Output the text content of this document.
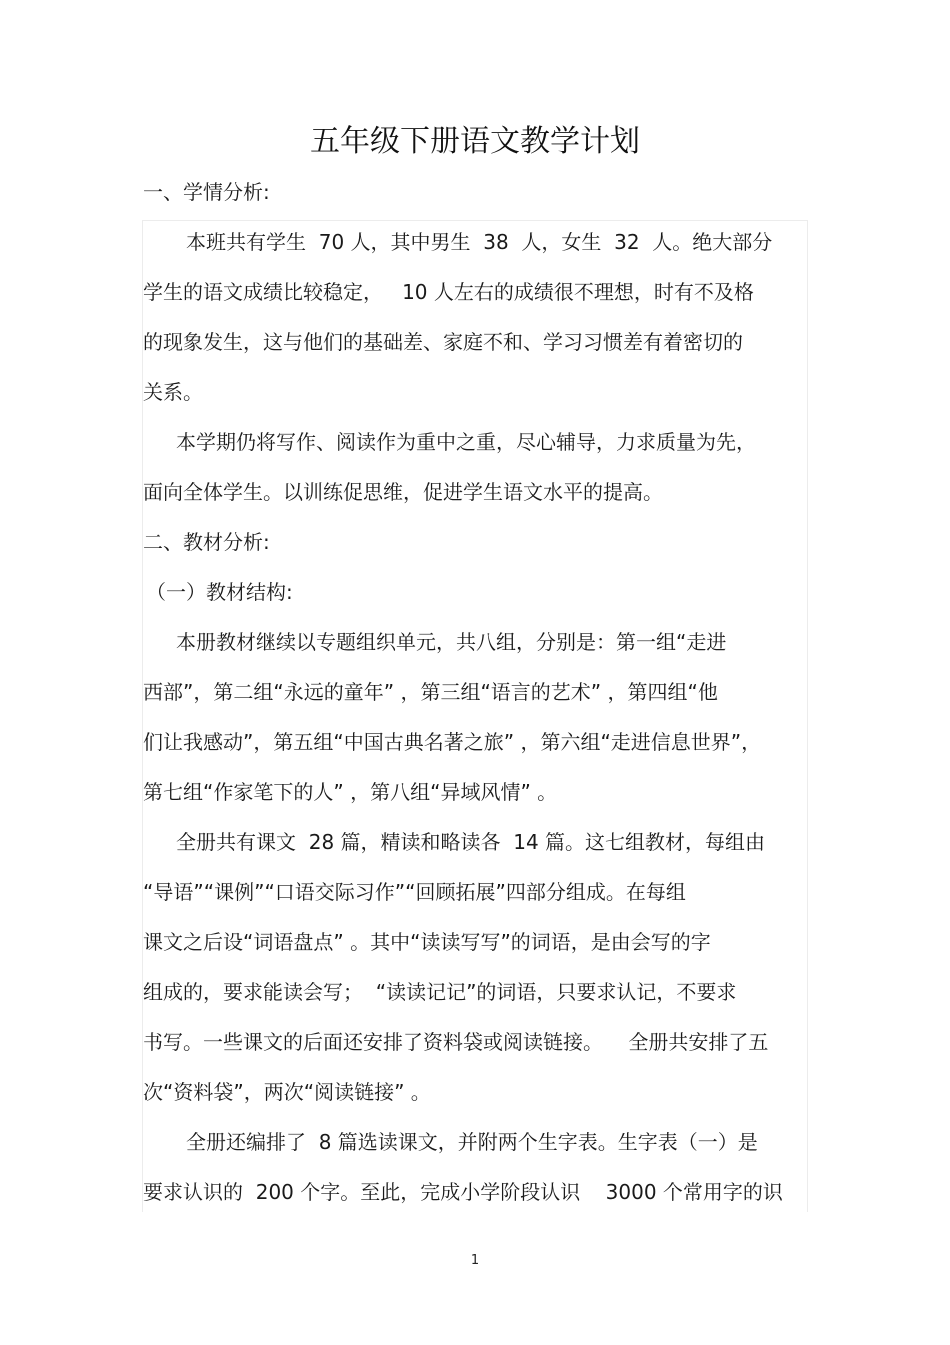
五年级下册语文教学计划
一、学情分析:
本班共有学生  70 人，其中男生  38  人，女生  32  人。绝大部分
学生的语文成绩比较稳定，   10 人左右的成绩很不理想，时有不及格
的现象发生，这与他们的基础差、家庭不和、学习习惯差有着密切的
关系。
本学期仍将写作、阅读作为重中之重，尽心辅导，力求质量为先，
面向全体学生。以训练促思维，促进学生语文水平的提高。
二、教材分析:
（一）教材结构:
本册教材继续以专题组织单元，共八组，分别是：第一组“走进
西部”，第二组“永远的童年” ，第三组“语言的艺术” ，第四组“他
们让我感动”，第五组“中国古典名著之旅” ，第六组“走进信息世界”，
第七组“作家笔下的人” ，第八组“异域风情” 。
全册共有课文  28 篇，精读和略读各  14 篇。这七组教材，每组由
“导语”“课例”“口语交际习作”“回顾拓展”四部分组成。在每组
课文之后设“词语盘点” 。其中“读读写写”的词语，是由会写的字
组成的，要求能读会写；  “读读记记”的词语，只要求认记，不要求
书写。一些课文的后面还安排了资料袋或阅读链接。    全册共安排了五
次“资料袋”，两次“阅读链接” 。
全册还编排了  8 篇选读课文，并附两个生字表。生字表（一）是
要求认识的  200 个字。至此，完成小学阶段认识    3000 个常用字的识
1
